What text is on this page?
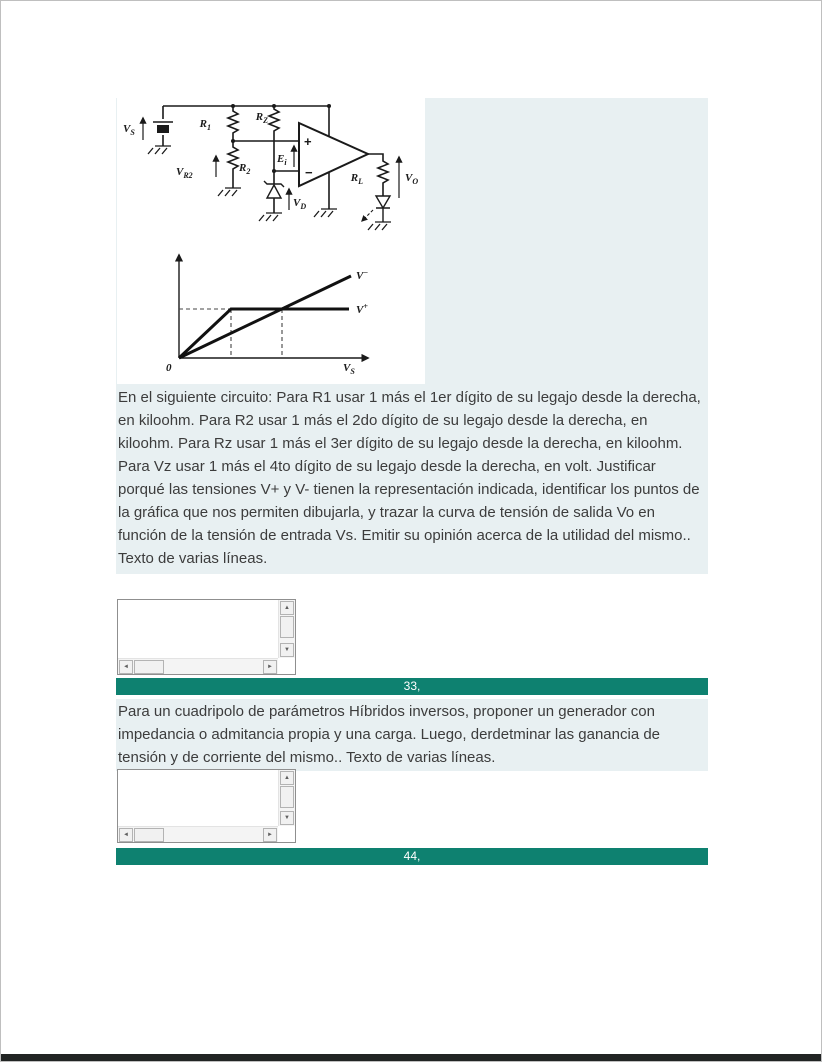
$V_S$
$R_1$
$R_Z$
$V_{R2}$
$R_2$
$E_i$
$V_D$
$R_L$	$V_O$
+
−
0	$V_S$
V−
V+

En el siguiente circuito: Para R1 usar 1 más el 1er dígito de su legajo desde la derecha, en kiloohm. Para R2 usar 1 más el 2do dígito de su legajo desde la derecha, en kiloohm. Para Rz usar 1 más el 3er dígito de su legajo desde la derecha, en kiloohm. Para Vz usar 1 más el 4to dígito de su legajo desde la derecha, en volt. Justificar porqué las tensiones V+ y V- tienen la representación indicada, identificar los puntos de la gráfica que nos permiten dibujarla, y trazar la curva de tensión de salida Vo en función de la tensión de entrada Vs. Emitir su opinión acerca de la utilidad del mismo.. Texto de varias líneas.

▲
▼
◄	►
33,

Para un cuadripolo de parámetros Híbridos inversos, proponer un generador con impedancia o admitancia propia y una carga. Luego, derdetminar las ganancia de tensión y de corriente del mismo.. Texto de varias líneas.

▲
▼
◄	►
44,
